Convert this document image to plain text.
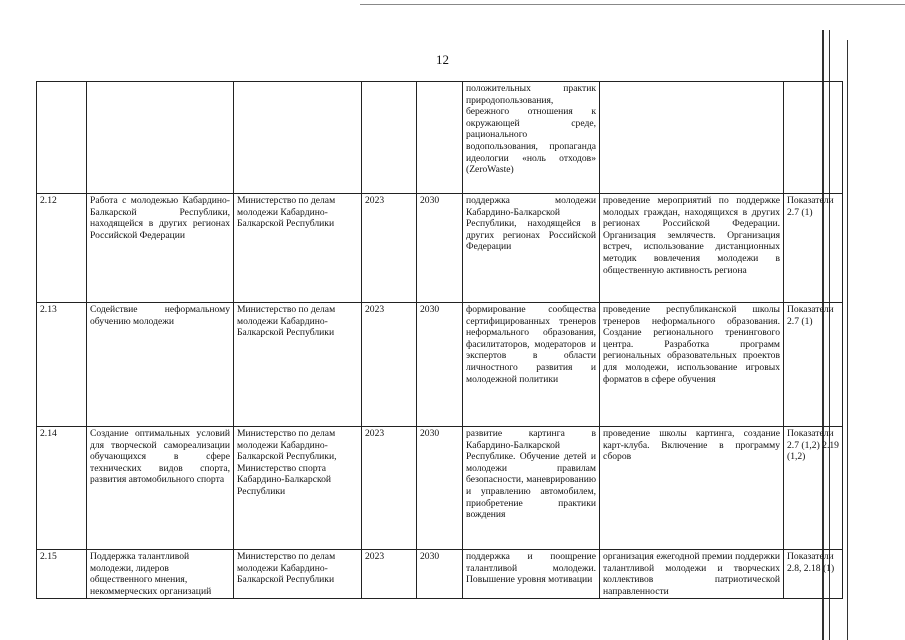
12
					положительных практик природопользования, бережного отношения к окружающей среде, рационального водопользования, пропаганда идеологии «ноль отходов» (ZeroWaste)		
2.12	Работа с молодежью Кабардино-Балкарской Республики, находящейся в других регионах Российской Федерации	Министерство по делам молодежи Кабардино-Балкарской Республики	2023	2030	поддержка молодежи Кабардино-Балкарской Республики, находящейся в других регионах Российской Федерации	проведение мероприятий по поддержке молодых граждан, находящихся в других регионах Российской Федерации. Организация землячеств. Организация встреч, использование дистанционных методик вовлечения молодежи в общественную активность региона	Показатели 2.7 (1)
2.13	Содействие неформальному обучению молодежи	Министерство по делам молодежи Кабардино-Балкарской Республики	2023	2030	формирование сообщества сертифицированных тренеров неформального образования, фасилитаторов, модераторов и экспертов в области личностного развития и молодежной политики	проведение республиканской школы тренеров неформального образования. Создание регионального тренингового центра. Разработка программ региональных образовательных проектов для молодежи, использование игровых форматов в сфере обучения	Показатели 2.7 (1)
2.14	Создание оптимальных условий для творческой самореализации обучающихся в сфере технических видов спорта, развития автомобильного спорта	Министерство по делам молодежи Кабардино-Балкарской Республики, Министерство спорта Кабардино-Балкарской Республики	2023	2030	развитие картинга в Кабардино-Балкарской Республике. Обучение детей и молодежи правилам безопасности, маневрированию и управлению автомобилем, приобретение практики вождения	проведение школы картинга, создание карт-клуба. Включение в программу сборов	Показатели 2.7 (1,2) 2.19 (1,2)
2.15	Поддержка талантливой молодежи, лидеров общественного мнения, некоммерческих организаций	Министерство по делам молодежи Кабардино-Балкарской Республики	2023	2030	поддержка и поощрение талантливой молодежи. Повышение уровня мотивации	организация ежегодной премии поддержки талантливой молодежи и творческих коллективов патриотической направленности	Показатели 2.8, 2.18 (1)
